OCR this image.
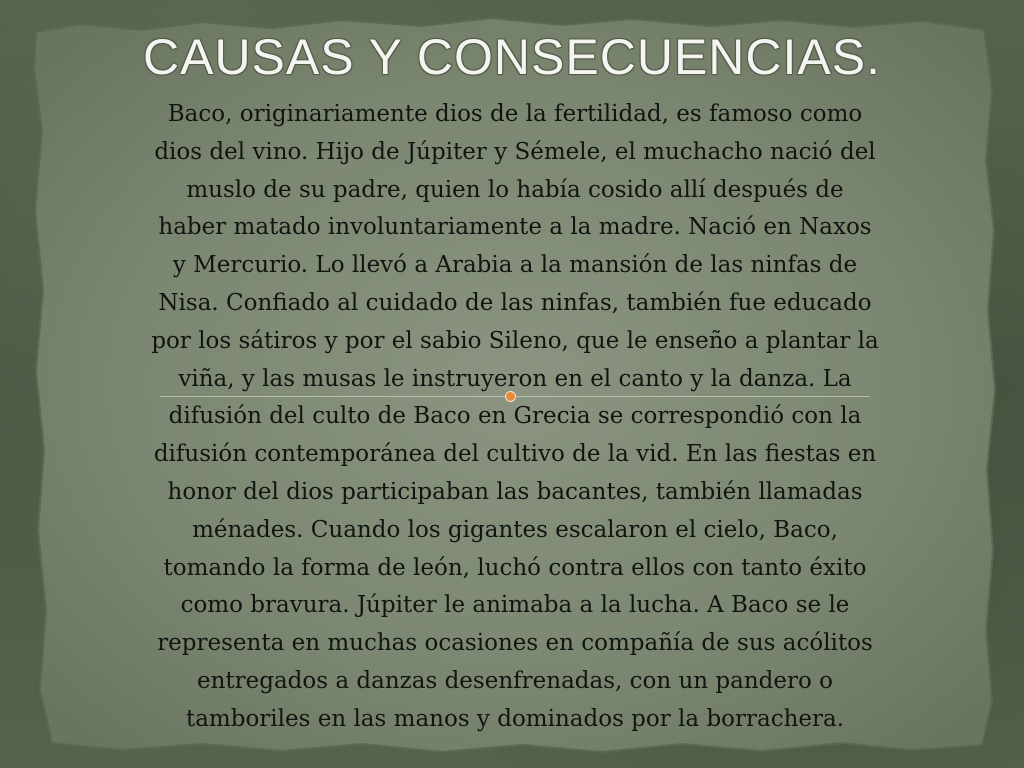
CAUSAS Y CONSECUENCIAS.
Baco, originariamente dios de la fertilidad, es famoso como
dios del vino. Hijo de Júpiter y Sémele, el muchacho nació del
muslo de su padre, quien lo había cosido allí después de
haber matado involuntariamente a la madre. Nació en Naxos
y Mercurio. Lo llevó a Arabia a la mansión de las ninfas de
Nisa. Confiado al cuidado de las ninfas, también fue educado
por los sátiros y por el sabio Sileno, que le enseño a plantar la
viña, y las musas le instruyeron en el canto y la danza. La
difusión del culto de Baco en Grecia se correspondió con la
difusión contemporánea del cultivo de la vid. En las fiestas en
honor del dios participaban las bacantes, también llamadas
ménades. Cuando los gigantes escalaron el cielo, Baco,
tomando la forma de león, luchó contra ellos con tanto éxito
como bravura. Júpiter le animaba a la lucha. A Baco se le
representa en muchas ocasiones en compañía de sus acólitos
entregados a danzas desenfrenadas, con un pandero o
tamboriles en las manos y dominados por la borrachera.
